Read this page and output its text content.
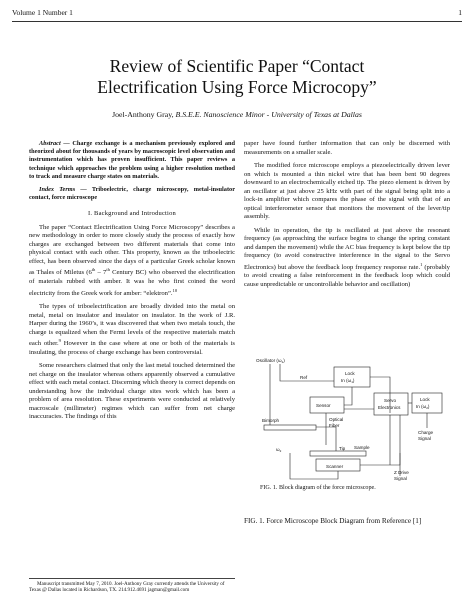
Volume 1 Number 1	1
Review of Scientific Paper “Contact
Electrification Using Force Microcopy”
Joel-Anthony Gray, B.S.E.E. Nanoscience Minor - University of Texas at Dallas

Abstract — Charge exchange is a mechanism previously explored and theorized about for thousands of years by macroscopic level observation and instrumentation which has proven insufficient. This paper reviews a technique which approaches the problem using a higher resolution method to track and measure charge states on materials.

Index Terms — Triboelectric, charge microscopy, metal-insulator contact, force microscope

I. Background and Introduction

The paper “Contact Electrification Using Force Microscopy” describes a new methodology in order to more closely study the process of exactly how charges are exchanged between two different materials that come into physical contact with each other. This property, known as the triboelectric effect, has been observed since the days of a particular Greek scholar known as Thales of Miletus (6th – 7th Century BC) who observed the electrification of materials rubbed with amber. It was he who first coined the word electricity from the Greek work for amber: “elektron”.$^{10}$

The types of triboelectrification are broadly divided into the metal on metal, metal on insulator and insulator on insulator. In the work of J.R. Harper during the 1960’s, it was discovered that when two metals touch, the charge is equalized when the Fermi levels of the respective materials match each other.$^9$ However in the case where at one or both of the materials is insulating, the process of charge exchange has been controversial.

Some researchers claimed that only the last metal touched determined the net charge on the insulator whereas others apparently observed a cumulative effect with each metal contact. Discerning which theory is correct depends on understanding how the individual charge sites work which has been a problem of area resolution. These experiments were conducted at relatively macroscale (millimeter) regimes which can suffer from net charge inaccuracies. The findings of this

Manuscript transmitted May 7, 2010. Joel-Anthony Gray currently attends the University of Texas @ Dallas located in Richardson, TX. 214.912.4691 jagman@gmail.com

paper have found further information that can only be discerned with measurements on a smaller scale.

The modified force microscope employs a piezoelectrically driven lever on which is mounted a thin nickel wire that has been bent 90 degrees downward to an electrochemically etched tip. The piezo element is driven by an oscillator at just above 25 kHz with part of the signal being split into a lock-in amplifier which compares the phase of the signal with that of an optical interferometer sensor that monitors the movement of the lever/tip assembly.

While in operation, the tip is oscillated at just above the resonant frequency (as approaching the surface begins to change the spring constant and dampen the movement) while the AC bias frequency is kept below the tip frequency (to avoid constructive interference in the signal to the Servo Electronics) but above the feedback loop frequency response rate.$^1$ (probably to avoid creating a false reinforcement in the feedback loop which could cause unpredictable or uncontrollable behavior and oscillation)

Oscillator $(\omega_1)$
Ref
Lock
In $(\omega_1)$
Sensor
Servo
Electronics
Lock
In $(\omega_2)$
Optical
Fiber
Bimorph
Tip Sample
Scanner
Charge
Signal
Z Drive
Signal
$\omega_2$
FIG. 1. Block diagram of the force microscope.
FIG. 1. Force Microscope Block Diagram from Reference [1]
